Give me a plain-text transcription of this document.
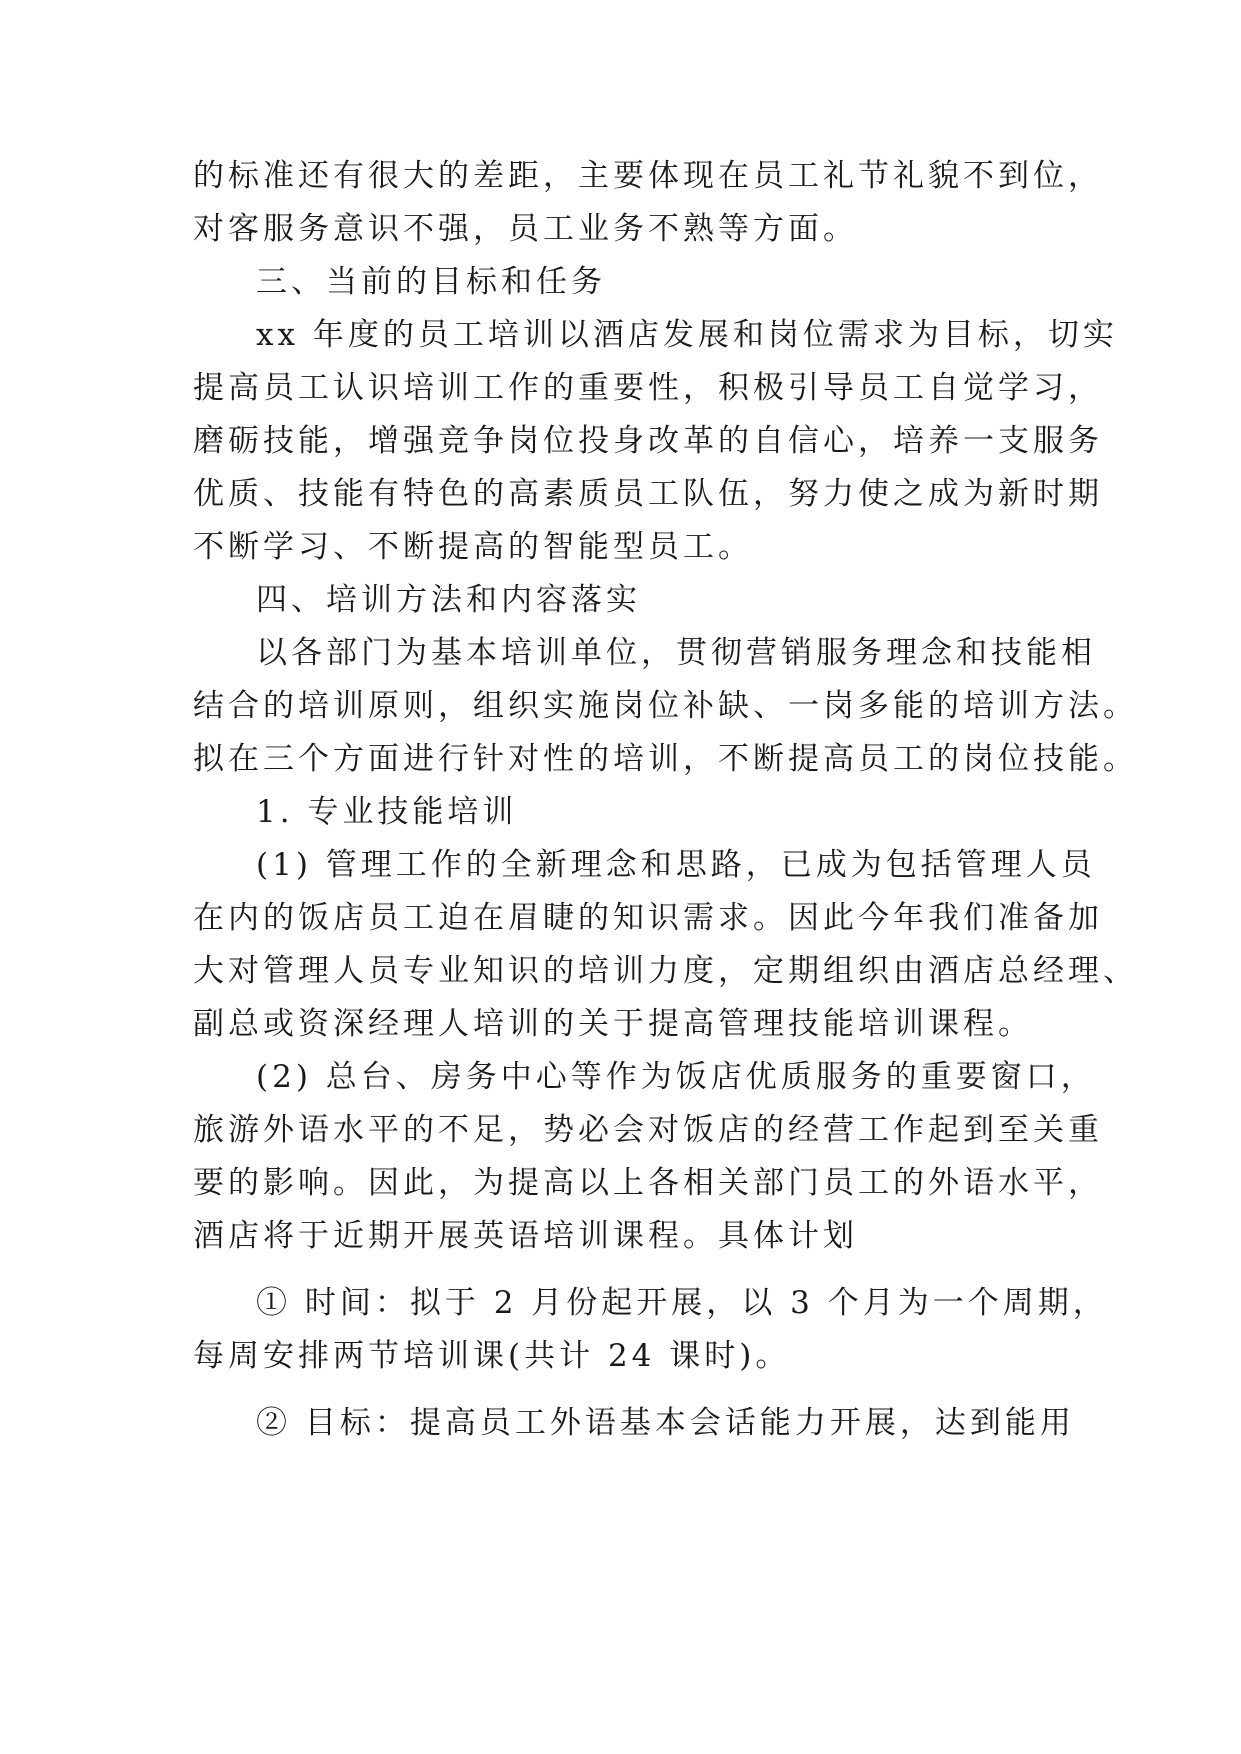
的标准还有很大的差距，主要体现在员工礼节礼貌不到位，

对客服务意识不强，员工业务不熟等方面。

三、当前的目标和任务

xx 年度的员工培训以酒店发展和岗位需求为目标，切实

提高员工认识培训工作的重要性，积极引导员工自觉学习，

磨砺技能，增强竞争岗位投身改革的自信心，培养一支服务

优质、技能有特色的高素质员工队伍，努力使之成为新时期

不断学习、不断提高的智能型员工。

四、培训方法和内容落实

以各部门为基本培训单位，贯彻营销服务理念和技能相

结合的培训原则，组织实施岗位补缺、一岗多能的培训方法。

拟在三个方面进行针对性的培训，不断提高员工的岗位技能。

1. 专业技能培训

(1) 管理工作的全新理念和思路，已成为包括管理人员

在内的饭店员工迫在眉睫的知识需求。因此今年我们准备加

大对管理人员专业知识的培训力度，定期组织由酒店总经理、

副总或资深经理人培训的关于提高管理技能培训课程。

(2) 总台、房务中心等作为饭店优质服务的重要窗口，

旅游外语水平的不足，势必会对饭店的经营工作起到至关重

要的影响。因此，为提高以上各相关部门员工的外语水平，

酒店将于近期开展英语培训课程。具体计划

① 时间：拟于 2 月份起开展，以 3 个月为一个周期，

每周安排两节培训课(共计 24 课时)。

② 目标：提高员工外语基本会话能力开展，达到能用
